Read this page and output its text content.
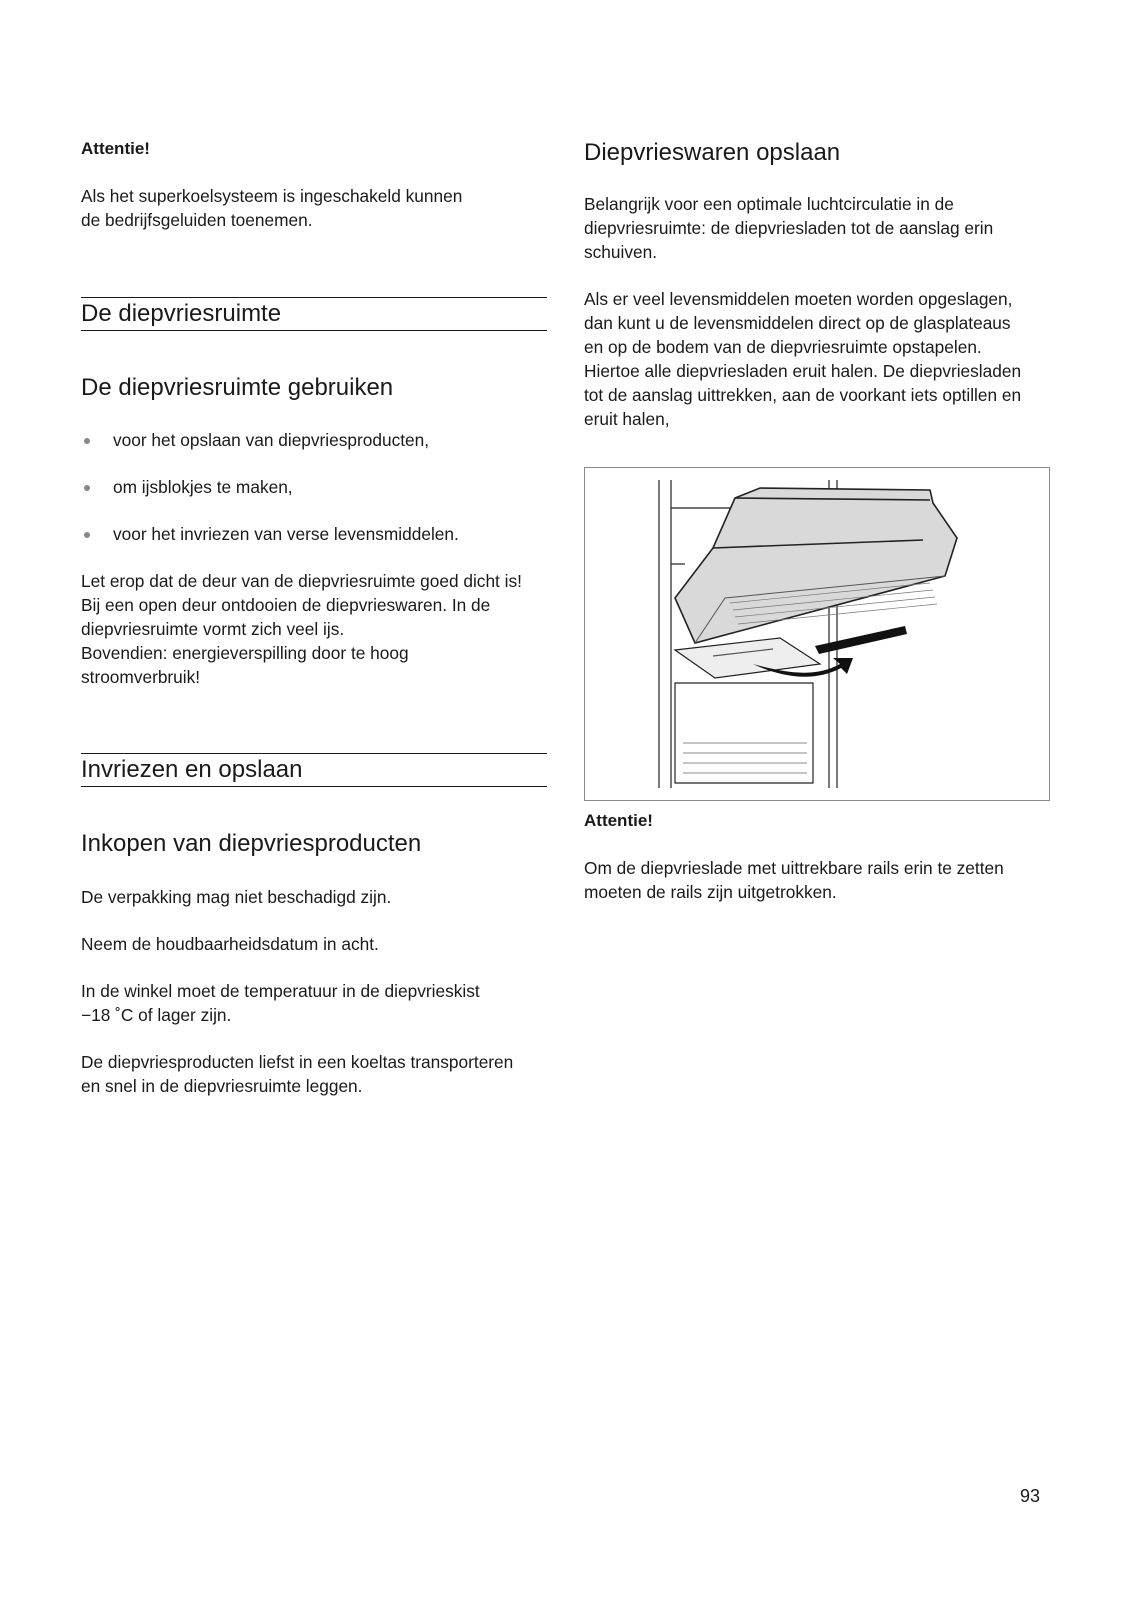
Attentie!
Als het superkoelsysteem is ingeschakeld kunnen
de bedrijfsgeluiden toenemen.
De diepvriesruimte
De diepvriesruimte gebruiken
voor het opslaan van diepvriesproducten,
om ijsblokjes te maken,
voor het invriezen van verse levensmiddelen.
Let erop dat de deur van de diepvriesruimte goed dicht is!
Bij een open deur ontdooien de diepvrieswaren. In de
diepvriesruimte vormt zich veel ijs.
Bovendien: energieverspilling door te hoog
stroomverbruik!
Invriezen en opslaan
Inkopen van diepvriesproducten
De verpakking mag niet beschadigd zijn.
Neem de houdbaarheidsdatum in acht.
In de winkel moet de temperatuur in de diepvrieskist
−18 ˚C of lager zijn.
De diepvriesproducten liefst in een koeltas transporteren
en snel in de diepvriesruimte leggen.
Diepvrieswaren opslaan
Belangrijk voor een optimale luchtcirculatie in de
diepvriesruimte: de diepvriesladen tot de aanslag erin
schuiven.
Als er veel levensmiddelen moeten worden opgeslagen,
dan kunt u de levensmiddelen direct op de glasplateaus
en op de bodem van de diepvriesruimte opstapelen.
Hiertoe alle diepvriesladen eruit halen. De diepvriesladen
tot de aanslag uittrekken, aan de voorkant iets optillen en
eruit halen,
Attentie!
Om de diepvrieslade met uittrekbare rails erin te zetten
moeten de rails zijn uitgetrokken.
93
